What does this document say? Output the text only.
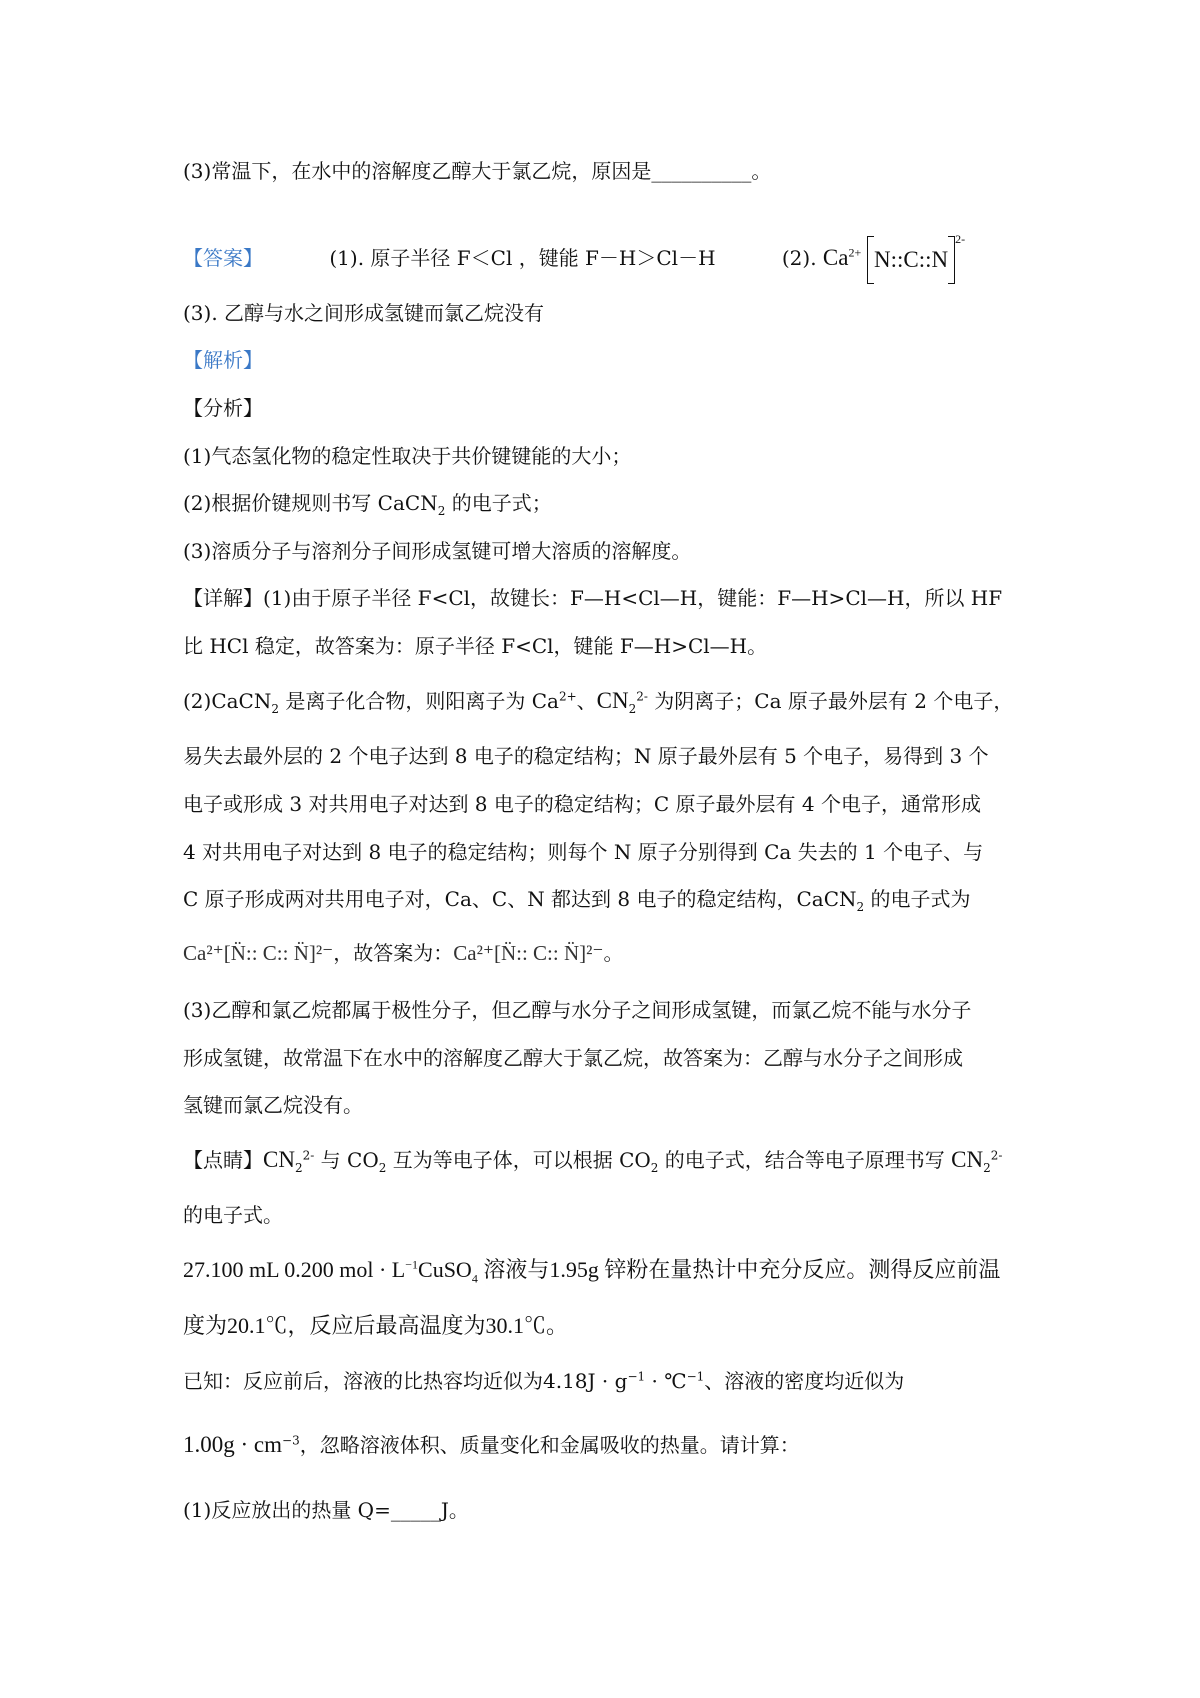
(3)常温下，在水中的溶解度乙醇大于氯乙烷，原因是__________。
【答案】	(1). 原子半径 F＜Cl ，键能 F－H＞Cl－H	(2). $Ca^{2+}$ $N::C::N^{2-}$
(3). 乙醇与水之间形成氢键而氯乙烷没有
【解析】
【分析】
(1)气态氢化物的稳定性取决于共价键键能的大小；
(2)根据价键规则书写 CaCN$_2$ 的电子式；
(3)溶质分子与溶剂分子间形成氢键可增大溶质的溶解度。
【详解】(1)由于原子半径 F<Cl，故键长：F—H<Cl—H，键能：F—H>Cl—H，所以 HF
比 HCl 稳定，故答案为：原子半径 F<Cl，键能 F—H>Cl—H。
(2)CaCN$_2$ 是离子化合物，则阳离子为 $Ca^{2+}$、$CN_2^{2-}$ 为阴离子；Ca 原子最外层有 2 个电子，
易失去最外层的 2 个电子达到 8 电子的稳定结构；N 原子最外层有 5 个电子，易得到 3 个
电子或形成 3 对共用电子对达到 8 电子的稳定结构；C 原子最外层有 4 个电子，通常形成
4 对共用电子对达到 8 电子的稳定结构；则每个 N 原子分别得到 Ca 失去的 1 个电子、与
C 原子形成两对共用电子对，Ca、C、N 都达到 8 电子的稳定结构，CaCN$_2$ 的电子式为
Ca²⁺[N̈:: C:: N̈]²⁻，故答案为：Ca²⁺[N̈:: C:: N̈]²⁻。
(3)乙醇和氯乙烷都属于极性分子，但乙醇与水分子之间形成氢键，而氯乙烷不能与水分子
形成氢键，故常温下在水中的溶解度乙醇大于氯乙烷，故答案为：乙醇与水分子之间形成
氢键而氯乙烷没有。
【点睛】$CN_2^{2-}$ 与 $CO_2$ 互为等电子体，可以根据 $CO_2$ 的电子式，结合等电子原理书写 $CN_2^{2-}$
的电子式。
27.100 mL 0.200 mol · $L^{-1}CuSO_4$ 溶液与1.95g 锌粉在量热计中充分反应。测得反应前温
度为20.1℃，反应后最高温度为30.1℃。
已知：反应前后，溶液的比热容均近似为$4.18J \cdot g^{-1}$ · ℃$^{-1}$、溶液的密度均近似为
$1.00g \cdot cm^{-3}$，忽略溶液体积、质量变化和金属吸收的热量。请计算：
(1)反应放出的热量 Q=_____J。
